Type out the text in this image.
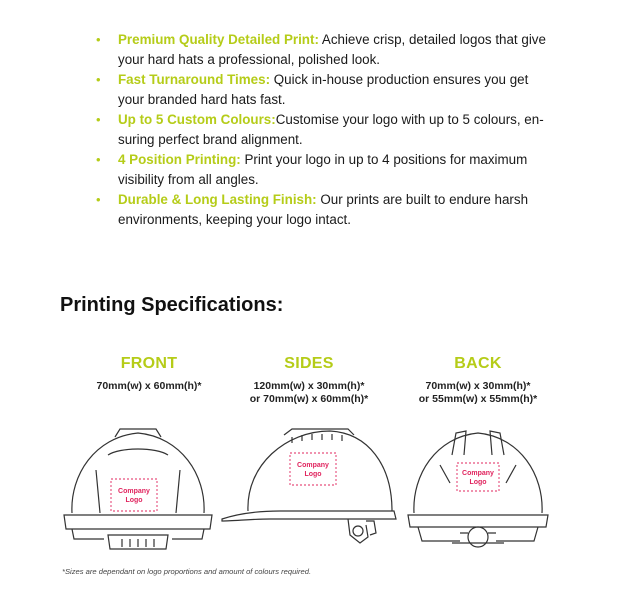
• Premium Quality Detailed Print: Achieve crisp, detailed logos that give your hard hats a professional, polished look.
• Fast Turnaround Times: Quick in-house production ensures you get your branded hard hats fast.
• Up to 5 Custom Colours:Customise your logo with up to 5 colours, en-suring perfect brand alignment.
• 4 Position Printing: Print your logo in up to 4 positions for maximum visibility from all angles.
• Durable & Long Lasting Finish: Our prints are built to endure harsh environments, keeping your logo intact.
Printing Specifications:
FRONT
70mm(w) x 60mm(h)*
SIDES
120mm(w) x 30mm(h)*
or 70mm(w) x 60mm(h)*
BACK
70mm(w) x 30mm(h)*
or 55mm(w) x 55mm(h)*
Company
Logo
Company
Logo	Company
Logo
*Sizes are dependant on logo proportions and amount of colours required.
